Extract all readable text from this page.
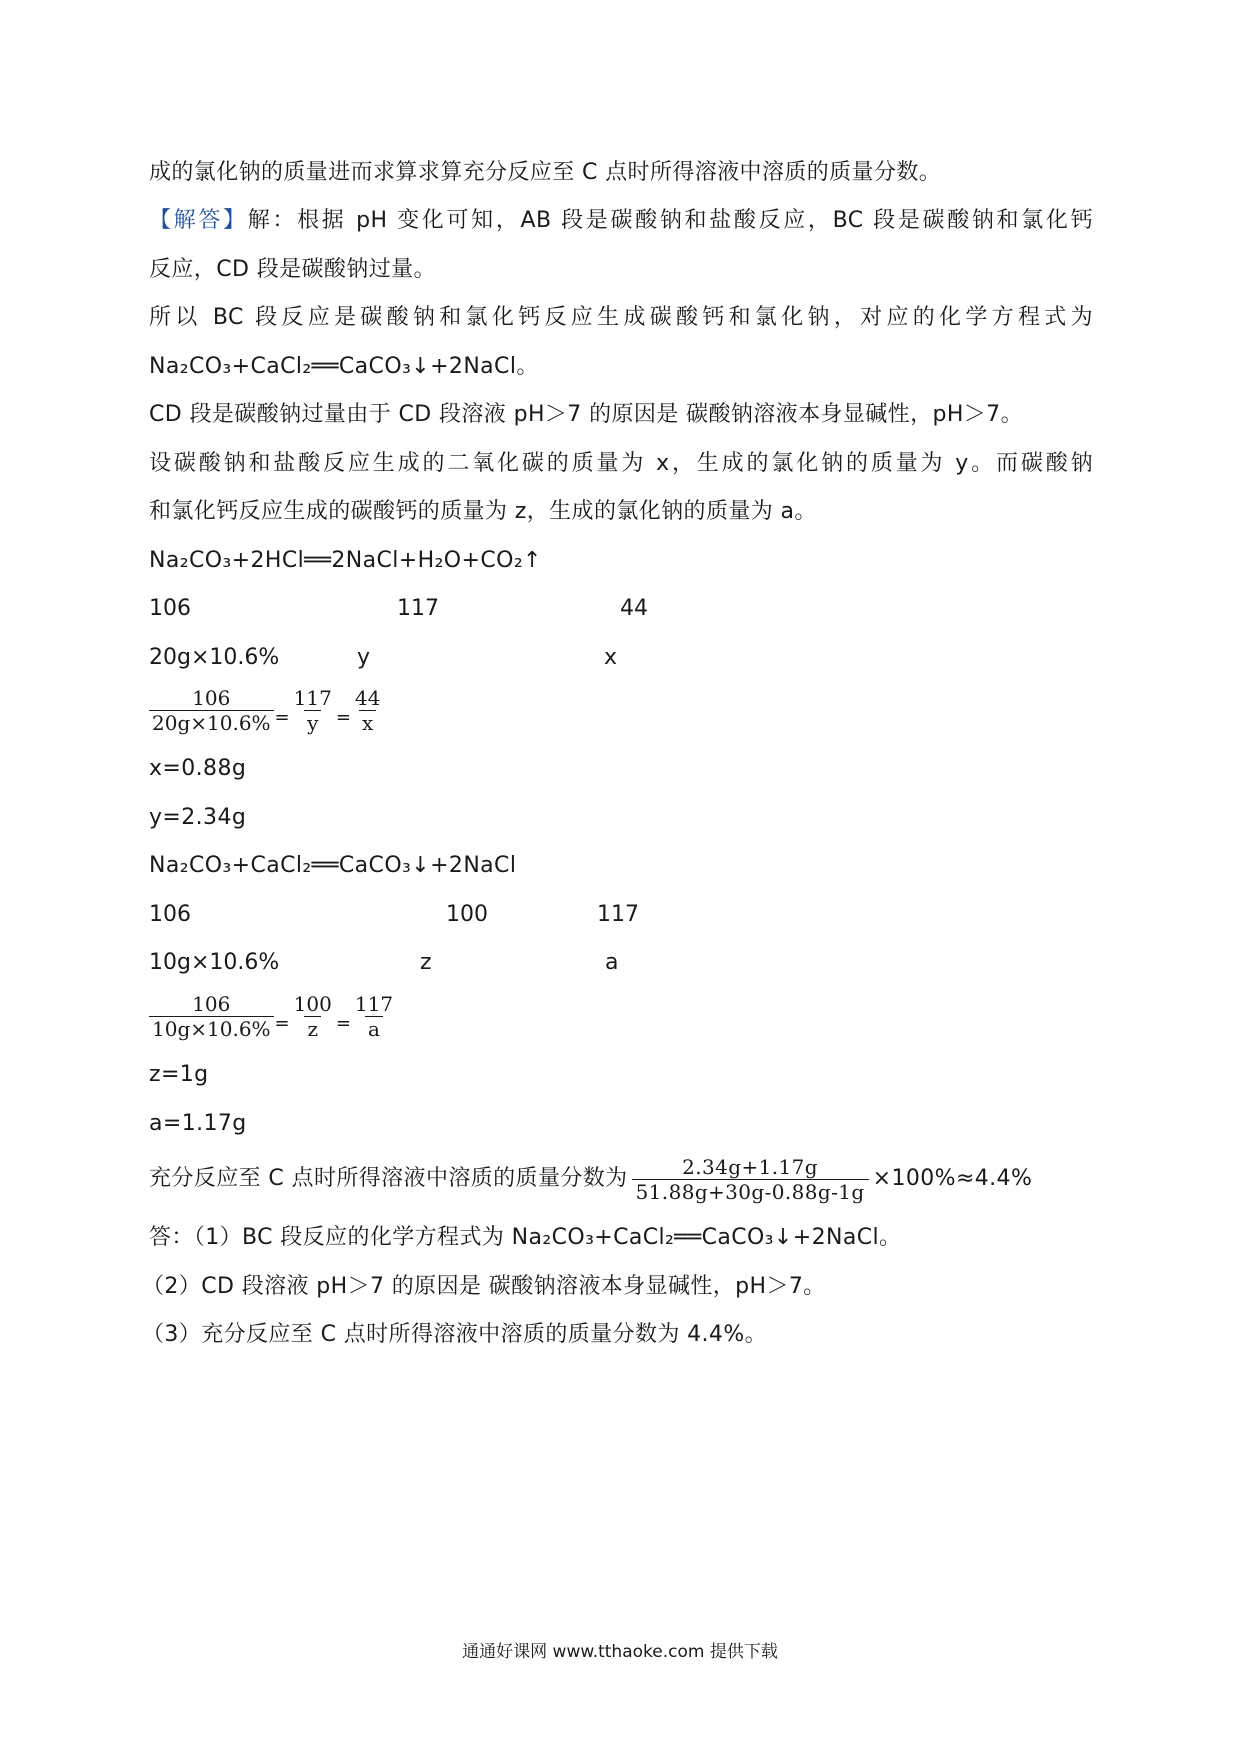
成的氯化钠的质量进而求算求算充分反应至 C 点时所得溶液中溶质的质量分数。
【解答】解：根据 pH 变化可知，AB 段是碳酸钠和盐酸反应，BC 段是碳酸钠和氯化钙
反应，CD 段是碳酸钠过量。
所以 BC 段反应是碳酸钠和氯化钙反应生成碳酸钙和氯化钠，对应的化学方程式为
Na₂CO₃+CaCl₂══CaCO₃↓+2NaCl。
CD 段是碳酸钠过量由于 CD 段溶液 pH＞7 的原因是 碳酸钠溶液本身显碱性，pH＞7。
设碳酸钠和盐酸反应生成的二氧化碳的质量为 x，生成的氯化钠的质量为 y。而碳酸钠
和氯化钙反应生成的碳酸钙的质量为 z，生成的氯化钠的质量为 a。
Na₂CO₃+2HCl══2NaCl+H₂O+CO₂↑
106	117	44
20g×10.6%	y	x
$\frac{106}{20g\times 10.6\%} = \frac{117}{y} = \frac{44}{x}$
x=0.88g
y=2.34g
Na₂CO₃+CaCl₂══CaCO₃↓+2NaCl
106	100	117
10g×10.6%	z	a
$\frac{106}{10g\times 10.6\%} = \frac{100}{z} = \frac{117}{a}$
z=1g
a=1.17g
充分反应至 C 点时所得溶液中溶质的质量分数为 $\frac{2.34g+1.17g}{51.88g+30g-0.88g-1g} \times 100\%\approx 4.4\%$
答：（1）BC 段反应的化学方程式为 Na₂CO₃+CaCl₂══CaCO₃↓+2NaCl。
（2）CD 段溶液 pH＞7 的原因是 碳酸钠溶液本身显碱性，pH＞7。
（3）充分反应至 C 点时所得溶液中溶质的质量分数为 4.4%。
通通好课网 www.tthaoke.com 提供下载
